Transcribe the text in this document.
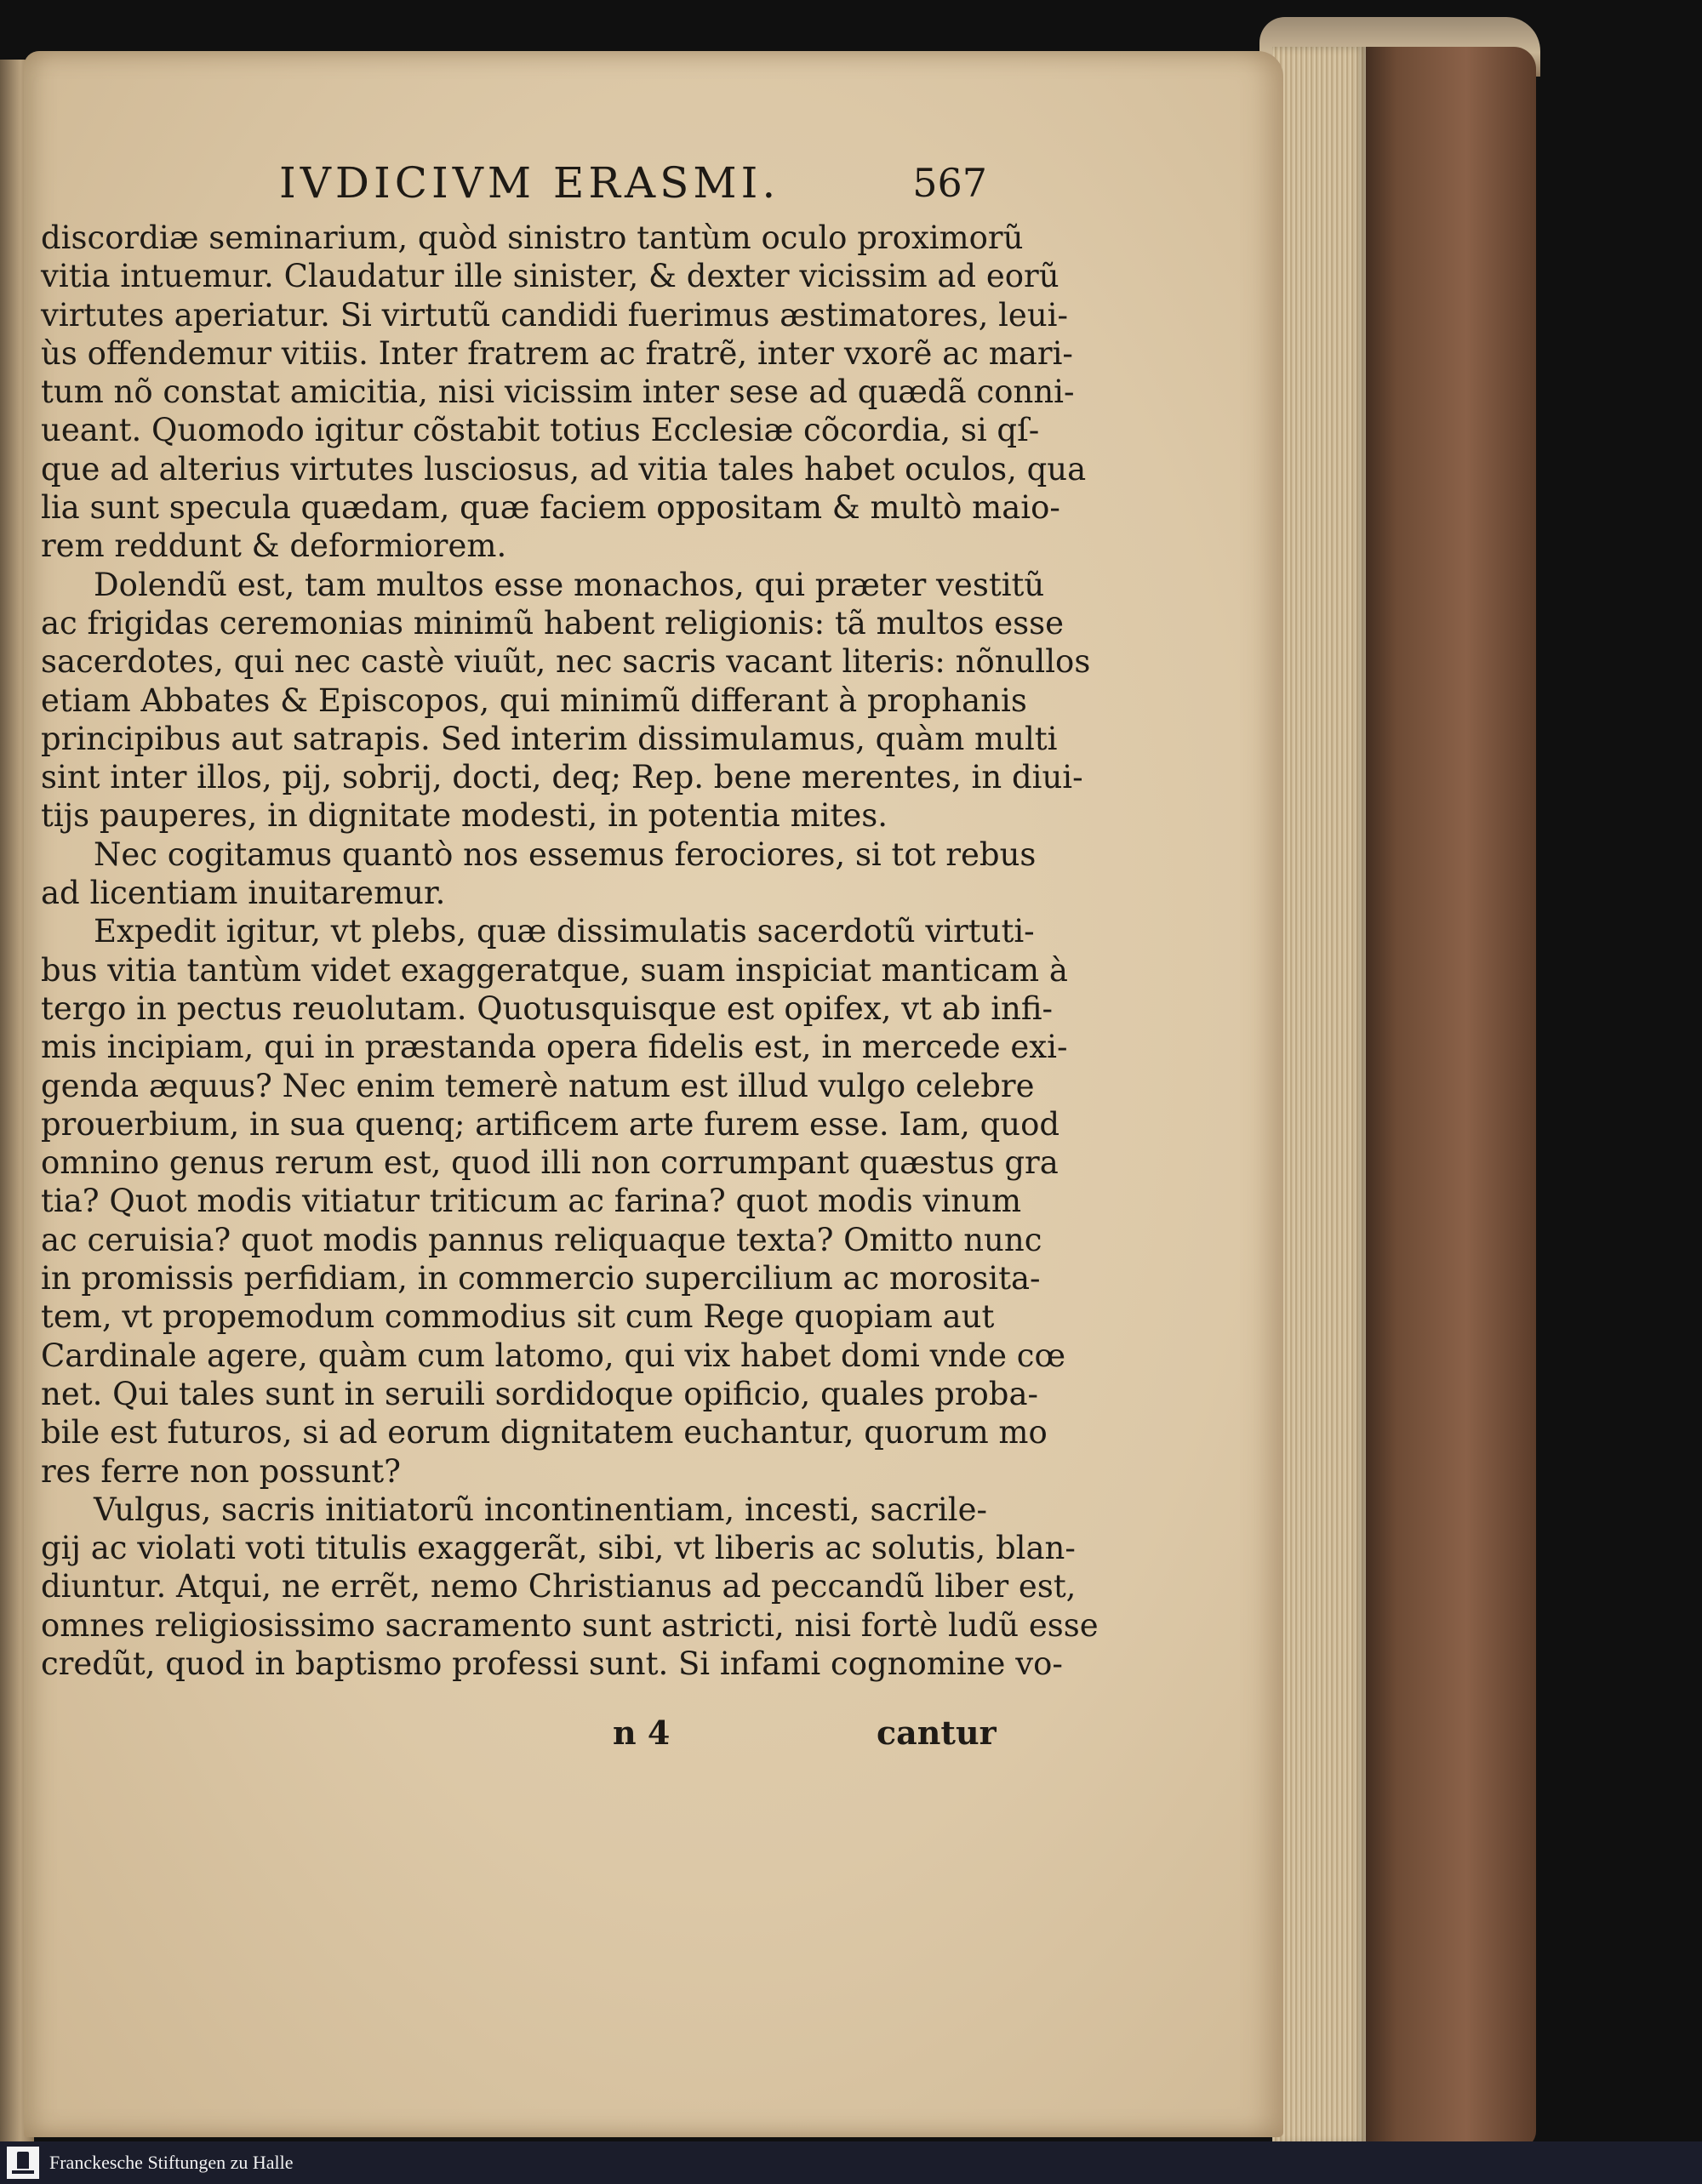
IVDICIVM ERASMI.	567
discordiæ seminarium, quòd sinistro tantùm oculo proximorũ
vitia intuemur. Claudatur ille sinister, & dexter vicissim ad eorũ
virtutes aperiatur. Si virtutũ candidi fuerimus æstimatores, leui-
ùs offendemur vitiis. Inter fratrem ac fratrẽ, inter vxorẽ ac mari-
tum nõ constat amicitia, nisi vicissim inter sese ad quædã conni-
ueant. Quomodo igitur cõstabit totius Ecclesiæ cõcordia, si qſ-
que ad alterius virtutes lusciosus, ad vitia tales habet oculos, qua
lia sunt specula quædam, quæ faciem oppositam & multò maio-
rem reddunt & deformiorem.
Dolendũ est, tam multos esse monachos, qui præter vestitũ
ac frigidas ceremonias minimũ habent religionis: tã multos esse
sacerdotes, qui nec castè viuũt, nec sacris vacant literis: nõnullos
etiam Abbates & Episcopos, qui minimũ differant à prophanis
principibus aut satrapis. Sed interim dissimulamus, quàm multi
sint inter illos, pij, sobrij, docti, deq; Rep. bene merentes, in diui-
tijs pauperes, in dignitate modesti, in potentia mites.
Nec cogitamus quantò nos essemus ferociores, si tot rebus
ad licentiam inuitaremur.
Expedit igitur, vt plebs, quæ dissimulatis sacerdotũ virtuti-
bus vitia tantùm videt exaggeratque, suam inspiciat manticam à
tergo in pectus reuolutam. Quotusquisque est opifex, vt ab infi-
mis incipiam, qui in præstanda opera fidelis est, in mercede exi-
genda æquus? Nec enim temerè natum est illud vulgo celebre
prouerbium, in sua quenq; artificem arte furem esse. Iam, quod
omnino genus rerum est, quod illi non corrumpant quæstus gra
tia? Quot modis vitiatur triticum ac farina? quot modis vinum
ac ceruisia? quot modis pannus reliquaque texta? Omitto nunc
in promissis perfidiam, in commercio supercilium ac morosita-
tem, vt propemodum commodius sit cum Rege quopiam aut
Cardinale agere, quàm cum latomo, qui vix habet domi vnde cœ
net. Qui tales sunt in seruili sordidoque opificio, quales proba-
bile est futuros, si ad eorum dignitatem euchantur, quorum mo
res ferre non possunt?
Vulgus, sacris initiatorũ incontinentiam, incesti, sacrile-
gij ac violati voti titulis exaggerãt, sibi, vt liberis ac solutis, blan-
diuntur. Atqui, ne errẽt, nemo Christianus ad peccandũ liber est,
omnes religiosissimo sacramento sunt astricti, nisi fortè ludũ esse
credũt, quod in baptismo professi sunt. Si infami cognomine vo-
n 4	cantur
Franckesche Stiftungen zu Halle
